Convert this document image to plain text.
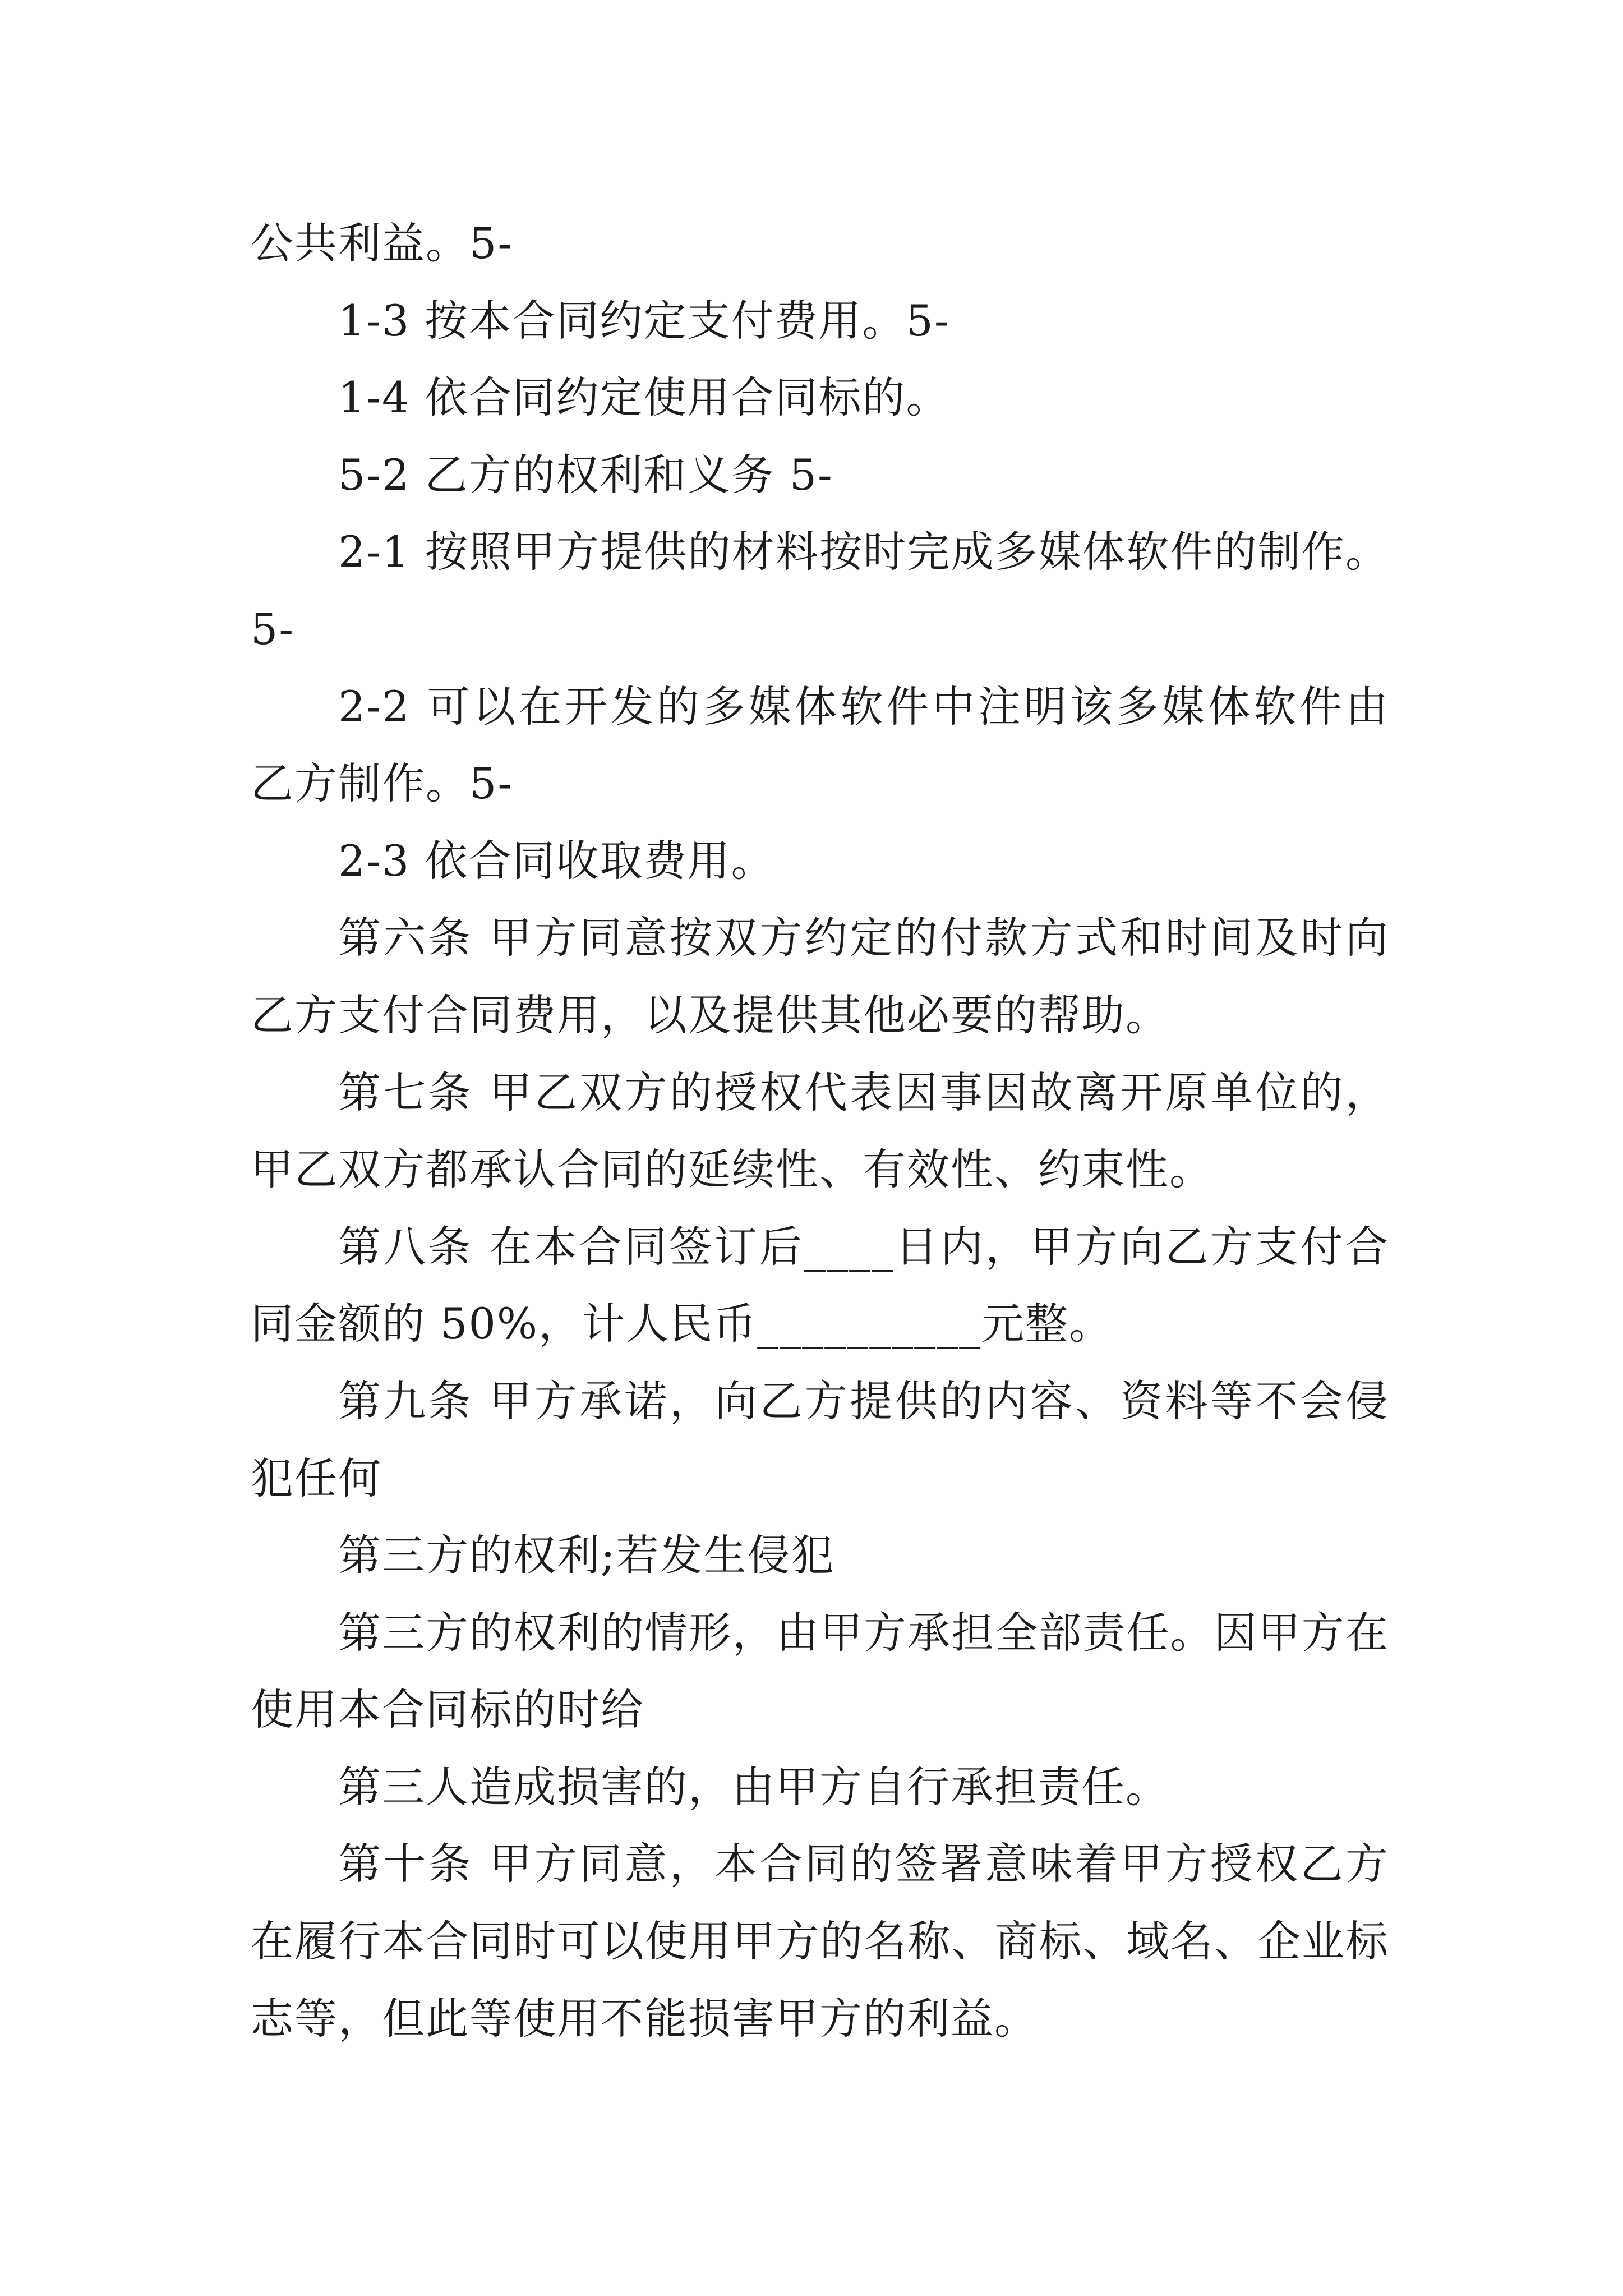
公共利益。5-
1-3 按本合同约定支付费用。5-
1-4 依合同约定使用合同标的。
5-2 乙方的权利和义务 5-
2-1 按照甲方提供的材料按时完成多媒体软件的制作。
5-
2-2 可以在开发的多媒体软件中注明该多媒体软件由
乙方制作。5-
2-3 依合同收取费用。
第六条 甲方同意按双方约定的付款方式和时间及时向
乙方支付合同费用，以及提供其他必要的帮助。
第七条 甲乙双方的授权代表因事因故离开原单位的，
甲乙双方都承认合同的延续性、有效性、约束性。
第八条 在本合同签订后____日内，甲方向乙方支付合
同金额的 50%，计人民币__________元整。
第九条 甲方承诺，向乙方提供的内容、资料等不会侵
犯任何
第三方的权利;若发生侵犯
第三方的权利的情形，由甲方承担全部责任。因甲方在
使用本合同标的时给
第三人造成损害的，由甲方自行承担责任。
第十条 甲方同意，本合同的签署意味着甲方授权乙方
在履行本合同时可以使用甲方的名称、商标、域名、企业标
志等，但此等使用不能损害甲方的利益。
